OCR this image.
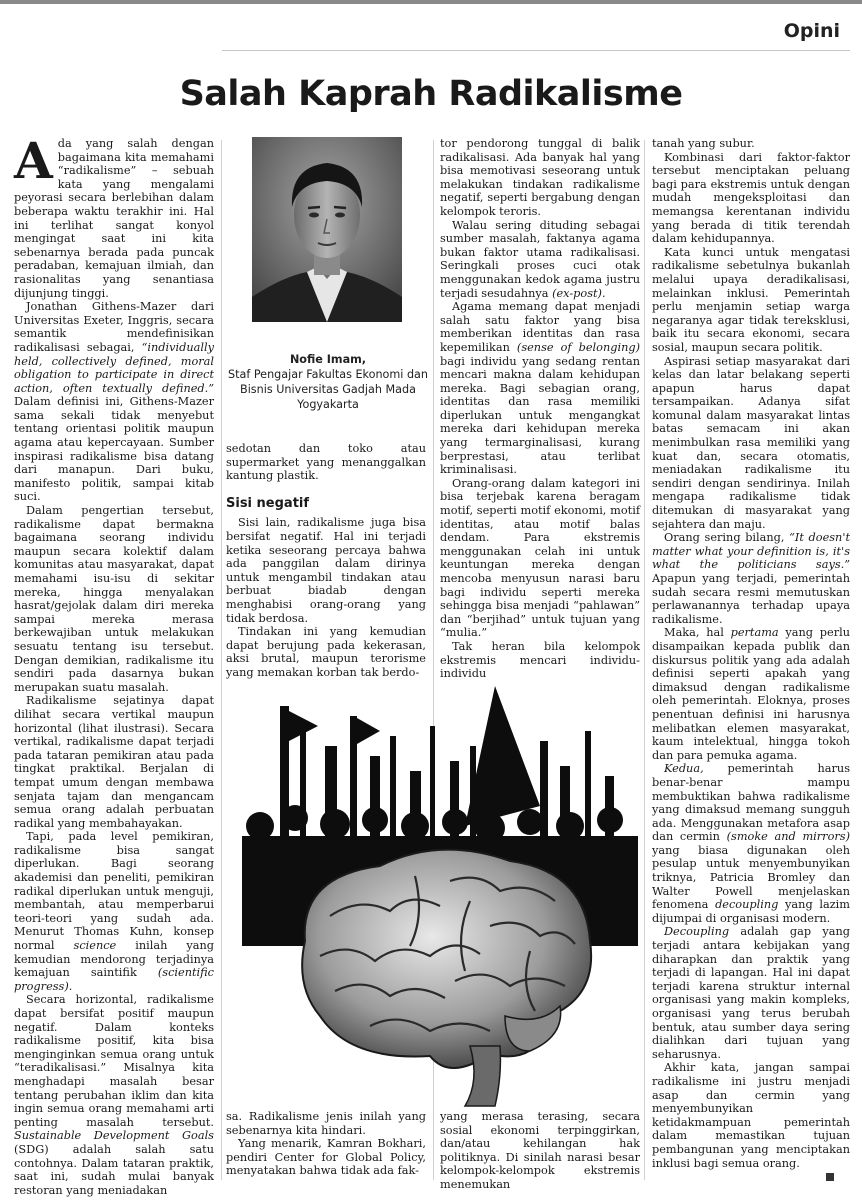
Opini
Salah Kaprah Radikalisme

Ada yang salah dengan bagaimana kita memahami “radikalisme” – sebuah kata yang mengalami peyorasi secara berlebihan dalam beberapa waktu terakhir ini. Hal ini terlihat sangat konyol mengingat saat ini kita sebenarnya berada pada puncak peradaban, kemajuan ilmiah, dan rasionalitas yang senantiasa dijunjung tinggi.

Jonathan Githens-Mazer dari Universitas Exeter, Inggris, secara semantik mendefinisikan radikalisasi sebagai, “individually held, collectively defined, moral obligation to participate in direct action, often textually defined.” Dalam definisi ini, Githens-Mazer sama sekali tidak menyebut tentang orientasi politik maupun agama atau kepercayaan. Sumber inspirasi radikalisme bisa datang dari manapun. Dari buku, manifesto politik, sampai kitab suci.

Dalam pengertian tersebut, radikalisme dapat bermakna bagaimana seorang individu maupun secara kolektif dalam komunitas atau masyarakat, dapat memahami isu-isu di sekitar mereka, hingga menyalakan hasrat/gejolak dalam diri mereka sampai mereka merasa berkewajiban untuk melakukan sesuatu tentang isu tersebut. Dengan demikian, radikalisme itu sendiri pada dasarnya bukan merupakan suatu masalah.

Radikalisme sejatinya dapat dilihat secara vertikal maupun horizontal (lihat ilustrasi). Secara vertikal, radikalisme dapat terjadi pada tataran pemikiran atau pada tingkat praktikal. Berjalan di tempat umum dengan membawa senjata tajam dan mengancam semua orang adalah perbuatan radikal yang membahayakan.

Tapi, pada level pemikiran, radikalisme bisa sangat diperlukan. Bagi seorang akademisi dan peneliti, pemikiran radikal diperlukan untuk menguji, membantah, atau memperbarui teori-teori yang sudah ada. Menurut Thomas Kuhn, konsep normal science inilah yang kemudian mendorong terjadinya kemajuan saintifik (scientific progress).

Secara horizontal, radikalisme dapat bersifat positif maupun negatif. Dalam konteks radikalisme positif, kita bisa menginginkan semua orang untuk “teradikalisasi.” Misalnya kita menghadapi masalah besar tentang perubahan iklim dan kita ingin semua orang memahami arti penting masalah tersebut. Sustainable Development Goals (SDG) adalah salah satu contohnya. Dalam tataran praktik, saat ini, sudah mulai banyak restoran yang meniadakan

Nofie Imam,
Staf Pengajar Fakultas Ekonomi dan Bisnis Universitas Gadjah Mada Yogyakarta

sedotan dan toko atau supermarket yang menanggalkan kantung plastik.

Sisi negatif

Sisi lain, radikalisme juga bisa bersifat negatif. Hal ini terjadi ketika seseorang percaya bahwa ada panggilan dalam dirinya untuk mengambil tindakan atau berbuat biadab dengan menghabisi orang-orang yang tidak berdosa.

Tindakan ini yang kemudian dapat berujung pada kekerasan, aksi brutal, maupun terorisme yang memakan korban tak berdo-

sa. Radikalisme jenis inilah yang sebenarnya kita hindari.

Yang menarik, Kamran Bokhari, pendiri Center for Global Policy, menyatakan bahwa tidak ada fak-

tor pendorong tunggal di balik radikalisasi. Ada banyak hal yang bisa memotivasi seseorang untuk melakukan tindakan radikalisme negatif, seperti bergabung dengan kelompok teroris.

Walau sering dituding sebagai sumber masalah, faktanya agama bukan faktor utama radikalisasi. Seringkali proses cuci otak menggunakan kedok agama justru terjadi sesudahnya (ex-post).

Agama memang dapat menjadi salah satu faktor yang bisa memberikan identitas dan rasa kepemilikan (sense of belonging) bagi individu yang sedang rentan mencari makna dalam kehidupan mereka. Bagi sebagian orang, identitas dan rasa memiliki diperlukan untuk mengangkat mereka dari kehidupan mereka yang termarginalisasi, kurang berprestasi, atau terlibat kriminalisasi.

Orang-orang dalam kategori ini bisa terjebak karena beragam motif, seperti motif ekonomi, motif identitas, atau motif balas dendam. Para ekstremis menggunakan celah ini untuk keuntungan mereka dengan mencoba menyusun narasi baru bagi individu seperti mereka sehingga bisa menjadi “pahlawan” dan “berjihad” untuk tujuan yang “mulia.”

Tak heran bila kelompok ekstremis mencari individu-individu

yang merasa terasing, secara sosial ekonomi terpinggirkan, dan/atau kehilangan hak politiknya. Di sinilah narasi besar kelompok-kelompok ekstremis menemukan

tanah yang subur.

Kombinasi dari faktor-faktor tersebut menciptakan peluang bagi para ekstremis untuk dengan mudah mengeksploitasi dan memangsa kerentanan individu yang berada di titik terendah dalam kehidupannya.

Kata kunci untuk mengatasi radikalisme sebetulnya bukanlah melalui upaya deradikalisasi, melainkan inklusi. Pemerintah perlu menjamin setiap warga negaranya agar tidak tereksklusi, baik itu secara ekonomi, secara sosial, maupun secara politik.

Aspirasi setiap masyarakat dari kelas dan latar belakang seperti apapun harus dapat tersampaikan. Adanya sifat komunal dalam masyarakat lintas batas semacam ini akan menimbulkan rasa memiliki yang kuat dan, secara otomatis, meniadakan radikalisme itu sendiri dengan sendirinya. Inilah mengapa radikalisme tidak ditemukan di masyarakat yang sejahtera dan maju.

Orang sering bilang, “It doesn't matter what your definition is, it's what the politicians says.” Apapun yang terjadi, pemerintah sudah secara resmi memutuskan perlawanannya terhadap upaya radikalisme.

Maka, hal pertama yang perlu disampaikan kepada publik dan diskursus politik yang ada adalah definisi seperti apakah yang dimaksud dengan radikalisme oleh pemerintah. Eloknya, proses penentuan definisi ini harusnya melibatkan elemen masyarakat, kaum intelektual, hingga tokoh dan para pemuka agama.

Kedua, pemerintah harus benar-benar mampu membuktikan bahwa radikalisme yang dimaksud memang sungguh ada. Menggunakan metafora asap dan cermin (smoke and mirrors) yang biasa digunakan oleh pesulap untuk menyembunyikan triknya, Patricia Bromley dan Walter Powell menjelaskan fenomena decoupling yang lazim dijumpai di organisasi modern.

Decoupling adalah gap yang terjadi antara kebijakan yang diharapkan dan praktik yang terjadi di lapangan. Hal ini dapat terjadi karena struktur internal organisasi yang makin kompleks, organisasi yang terus berubah bentuk, atau sumber daya sering dialihkan dari tujuan yang seharusnya.

Akhir kata, jangan sampai radikalisme ini justru menjadi asap dan cermin yang menyembunyikan ketidakmampuan pemerintah dalam memastikan tujuan pembangunan yang menciptakan inklusi bagi semua orang.
